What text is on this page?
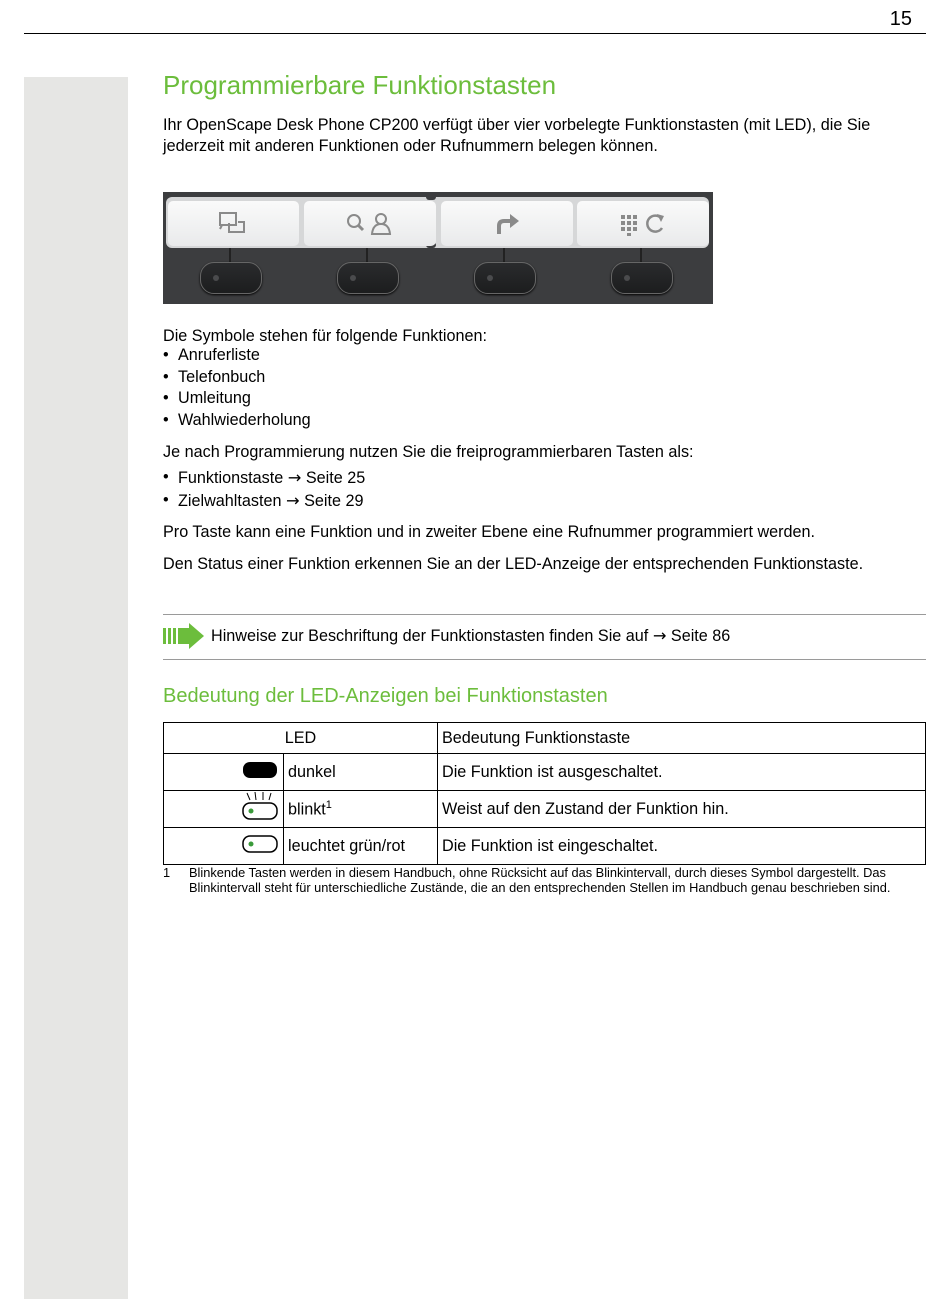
15
Programmierbare Funktionstasten

Ihr OpenScape Desk Phone CP200 verfügt über vier vorbelegte Funktionstasten (mit LED), die Sie jederzeit mit anderen Funktionen oder Rufnummern belegen können.

Die Symbole stehen für folgende Funktionen:

• Anruferliste
• Telefonbuch
• Umleitung
• Wahlwiederholung

Je nach Programmierung nutzen Sie die freiprogrammierbaren Tasten als:

• Funktionstaste → Seite 25
• Zielwahltasten → Seite 29

Pro Taste kann eine Funktion und in zweiter Ebene eine Rufnummer programmiert werden.

Den Status einer Funktion erkennen Sie an der LED-Anzeige der entsprechenden Funktionstaste.

Hinweise zur Beschriftung der Funktionstasten finden Sie auf → Seite 86
Bedeutung der LED-Anzeigen bei Funktionstasten
LED		Bedeutung Funktionstaste
	dunkel	Die Funktion ist ausgeschaltet.
	blinkt$^1$	Weist auf den Zustand der Funktion hin.
	leuchtet grün/rot	Die Funktion ist eingeschaltet.
1 Blinkende Tasten werden in diesem Handbuch, ohne Rücksicht auf das Blinkintervall, durch dieses Symbol dargestellt. Das Blinkintervall steht für unterschiedliche Zustände, die an den entsprechenden Stellen im Handbuch genau beschrieben sind.
